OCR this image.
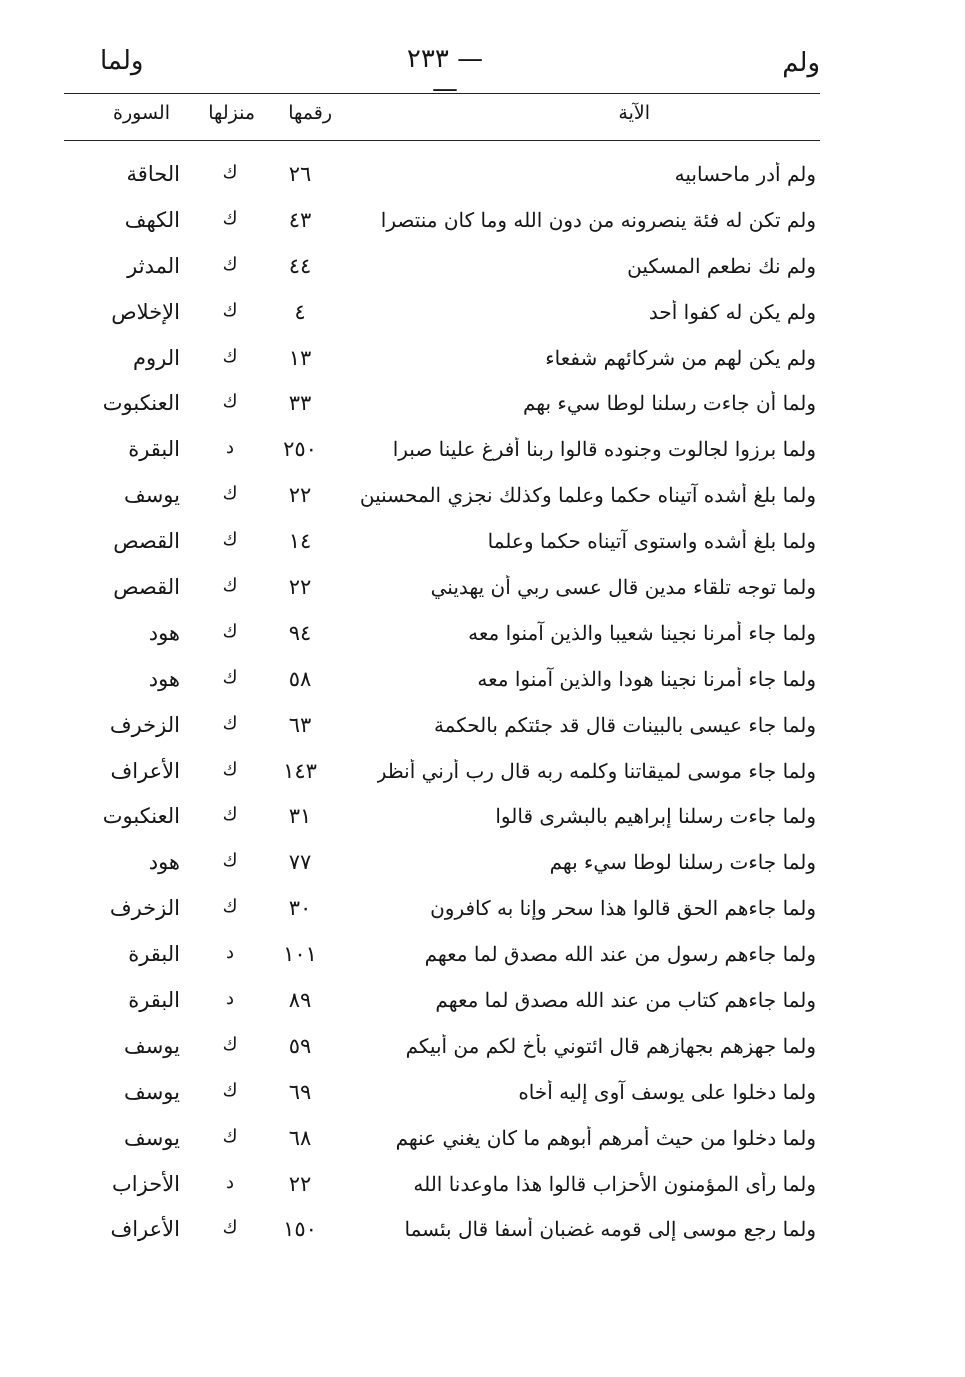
ولم
— ٢٣٣ —
ولما
الآية
رقمها
منزلها
السورة
ولم أدر ماحسابيه
٢٦
ك
الحاقة
ولم تكن له فئة ينصرونه من دون الله وما كان منتصرا
٤٣
ك
الكهف
ولم نك نطعم المسكين
٤٤
ك
المدثر
ولم يكن له كفوا أحد
٤
ك
الإخلاص
ولم يكن لهم من شركائهم شفعاء
١٣
ك
الروم
ولما أن جاءت رسلنا لوطا سيء بهم
٣٣
ك
العنكبوت
ولما برزوا لجالوت وجنوده قالوا ربنا أفرغ علينا صبرا
٢٥٠
د
البقرة
ولما بلغ أشده آتيناه حكما وعلما وكذلك نجزي المحسنين
٢٢
ك
يوسف
ولما بلغ أشده واستوى آتيناه حكما وعلما
١٤
ك
القصص
ولما توجه تلقاء مدين قال عسى ربي أن يهديني
٢٢
ك
القصص
ولما جاء أمرنا نجينا شعيبا والذين آمنوا معه
٩٤
ك
هود
ولما جاء أمرنا نجينا هودا والذين آمنوا معه
٥٨
ك
هود
ولما جاء عيسى بالبينات قال قد جئتكم بالحكمة
٦٣
ك
الزخرف
ولما جاء موسى لميقاتنا وكلمه ربه قال رب أرني أنظر
١٤٣
ك
الأعراف
ولما جاءت رسلنا إبراهيم بالبشرى قالوا
٣١
ك
العنكبوت
ولما جاءت رسلنا لوطا سيء بهم
٧٧
ك
هود
ولما جاءهم الحق قالوا هذا سحر وإنا به كافرون
٣٠
ك
الزخرف
ولما جاءهم رسول من عند الله مصدق لما معهم
١٠١
د
البقرة
ولما جاءهم كتاب من عند الله مصدق لما معهم
٨٩
د
البقرة
ولما جهزهم بجهازهم قال ائتوني بأخ لكم من أبيكم
٥٩
ك
يوسف
ولما دخلوا على يوسف آوى إليه أخاه
٦٩
ك
يوسف
ولما دخلوا من حيث أمرهم أبوهم ما كان يغني عنهم
٦٨
ك
يوسف
ولما رأى المؤمنون الأحزاب قالوا هذا ماوعدنا الله
٢٢
د
الأحزاب
ولما رجع موسى إلى قومه غضبان أسفا قال بئسما
١٥٠
ك
الأعراف
